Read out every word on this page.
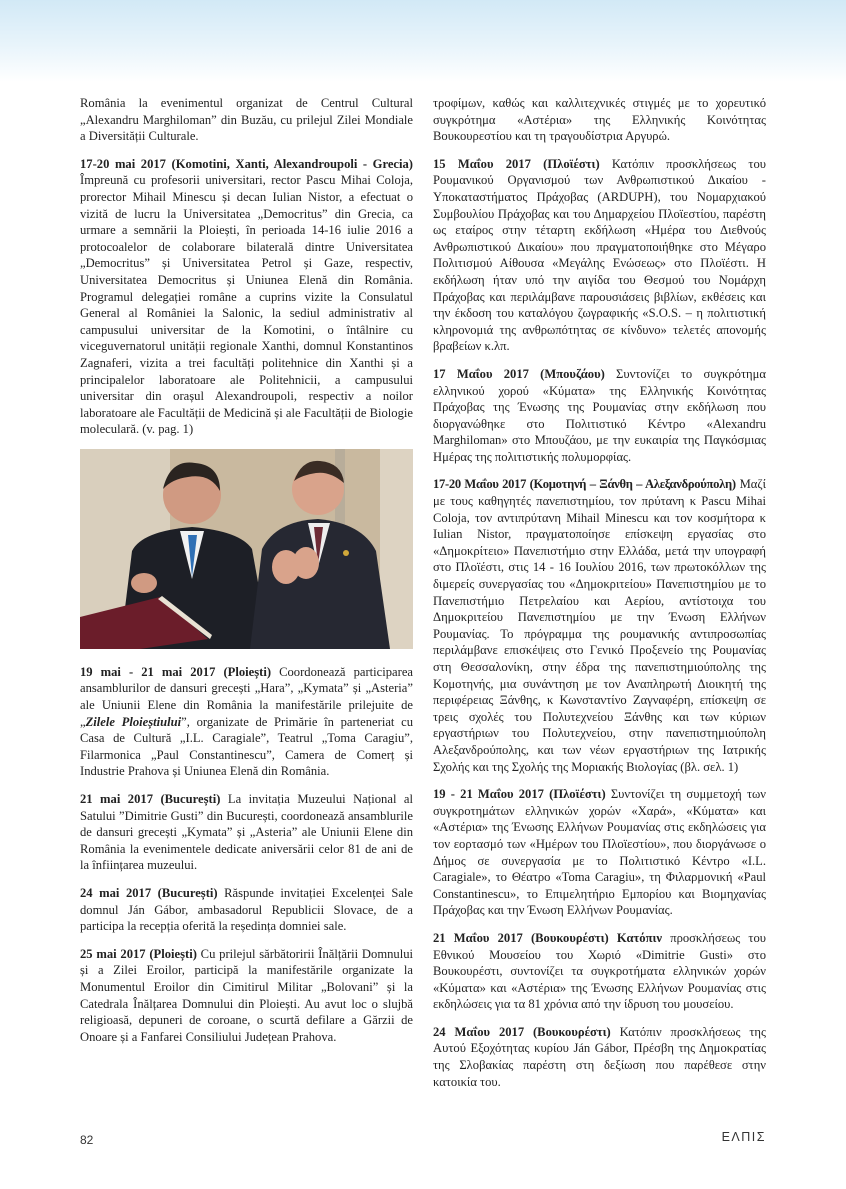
România la evenimentul organizat de Centrul Cultural „Alexandru Marghiloman” din Buzău, cu prilejul Zilei Mondiale a Diversității Culturale.

17-20 mai 2017 (Komotini, Xanti, Alexandroupoli - Grecia) Împreună cu profesorii universitari, rector Pascu Mihai Coloja, prorector Mihail Minescu și decan Iulian Nistor, a efectuat o vizită de lucru la Universitatea „Democritus” din Grecia, ca urmare a semnării la Ploiești, în perioada 14-16 iulie 2016 a protocoalelor de colaborare bilaterală dintre Universitatea „Democritus” și Universitatea Petrol și Gaze, respectiv, Universitatea Democritus și Uniunea Elenă din România. Programul delegației române a cuprins vizite la Consulatul General al României la Salonic, la sediul administrativ al campusului universitar de la Komotini, o întâlnire cu viceguvernatorul unității regionale Xanthi, domnul Konstantinos Zagnaferi, vizita a trei facultăți politehnice din Xanthi și a principalelor laboratoare ale Politehnicii, a campusului universitar din orașul Alexandroupoli, respectiv a noilor laboratoare ale Facultății de Medicină și ale Facultății de Biologie moleculară. (v. pag. 1)

19 mai - 21 mai 2017 (Ploiești) Coordonează participarea ansamblurilor de dansuri grecești „Hara”, „Kymata” și „Asteria” ale Uniunii Elene din România la manifestările prilejuite de „Zilele Ploieștiului”, organizate de Primărie în parteneriat cu Casa de Cultură „I.L. Caragiale”, Teatrul „Toma Caragiu”, Filarmonica „Paul Constantinescu”, Camera de Comerț și Industrie Prahova și Uniunea Elenă din România.

21 mai 2017 (București) La invitația Muzeului Național al Satului ”Dimitrie Gusti” din București, coordonează ansamblurile de dansuri grecești „Kymata” și „Asteria” ale Uniunii Elene din România la evenimentele dedicate aniversării celor 81 de ani de la înființarea muzeului.

24 mai 2017 (București) Răspunde invitației Excelenței Sale domnul Ján Gábor, ambasadorul Republicii Slovace, de a participa la recepția oferită la reședința domniei sale.

25 mai 2017 (Ploiești) Cu prilejul sărbătoririi Înălțării Domnului și a Zilei Eroilor, participă la manifestările organizate la Monumentul Eroilor din Cimitirul Militar „Bolovani” și la Catedrala Înălțarea Domnului din Ploiești. Au avut loc o slujbă religioasă, depuneri de coroane, o scurtă defilare a Gărzii de Onoare și a Fanfarei Consiliului Județean Prahova.

τροφίμων, καθώς και καλλιτεχνικές στιγμές με το χορευτικό συγκρότημα «Αστέρια» της Ελληνικής Κοινότητας Βουκουρεστίου και τη τραγουδίστρια Αργυρώ.

15 Μαΐου 2017 (Πλοϊέστι) Κατόπιν προσκλήσεως του Ρουμανικού Οργανισμού των Ανθρωπιστικού Δικαίου - Υποκαταστήματος Πράχοβας (ARDUPH), του Νομαρχιακού Συμβουλίου Πράχοβας και του Δημαρχείου Πλοϊεστίου, παρέστη ως εταίρος στην τέταρτη εκδήλωση «Ημέρα του Διεθνούς Ανθρωπιστικού Δικαίου» που πραγματοποιήθηκε στο Μέγαρο Πολιτισμού Αίθουσα «Μεγάλης Ενώσεως» στο Πλοϊέστι. Η εκδήλωση ήταν υπό την αιγίδα του Θεσμού του Νομάρχη Πράχοβας και περιλάμβανε παρουσιάσεις βιβλίων, εκθέσεις και την έκδοση του καταλόγου ζωγραφικής «S.O.S. – η πολιτιστική κληρονομιά της ανθρωπότητας σε κίνδυνο» τελετές απονομής βραβείων κ.λπ.

17 Μαΐου 2017 (Μπουζάου) Συντονίζει το συγκρότημα ελληνικού χορού «Κύματα» της Ελληνικής Κοινότητας Πράχοβας της Ένωσης της Ρουμανίας στην εκδήλωση που διοργανώθηκε στο Πολιτιστικό Κέντρο «Alexandru Marghiloman» στο Μπουζάου, με την ευκαιρία της Παγκόσμιας Ημέρας της πολιτιστικής πολυμορφίας.

17-20 Μαΐου 2017 (Κομοτηνή – Ξάνθη – Αλεξανδρούπολη) Μαζί με τους καθηγητές πανεπιστημίου, τον πρύτανη κ Pascu Mihai Coloja, τον αντιπρύτανη Mihail Minescu και τον κοσμήτορα κ Iulian Nistor, πραγματοποίησε επίσκεψη εργασίας στο «Δημοκρίτειο» Πανεπιστήμιο στην Ελλάδα, μετά την υπογραφή στο Πλοϊέστι, στις 14 - 16 Ιουλίου 2016, των πρωτοκόλλων της διμερείς συνεργασίας του «Δημοκριτείου» Πανεπιστημίου με το Πανεπιστήμιο Πετρελαίου και Αερίου, αντίστοιχα του Δημοκριτείου Πανεπιστημίου με την Ένωση Ελλήνων Ρουμανίας. Το πρόγραμμα της ρουμανικής αντιπροσωπίας περιλάμβανε επισκέψεις στο Γενικό Προξενείο της Ρουμανίας στη Θεσσαλονίκη, στην έδρα της πανεπιστημιούπολης της Κομοτηνής, μια συνάντηση με τον Αναπληρωτή Διοικητή της περιφέρειας Ξάνθης, κ Κωνσταντίνο Ζαγναφέρη, επίσκεψη σε τρεις σχολές του Πολυτεχνείου Ξάνθης και των κύριων εργαστήριων του Πολυτεχνείου, στην πανεπιστημιούπολη Αλεξανδρούπολης, και των νέων εργαστήριων της Ιατρικής Σχολής και της Σχολής της Μοριακής Βιολογίας (βλ. σελ. 1)

19 - 21 Μαΐου 2017 (Πλοϊέστι) Συντονίζει τη συμμετοχή των συγκροτημάτων ελληνικών χορών «Χαρά», «Κύματα» και «Αστέρια» της Ένωσης Ελλήνων Ρουμανίας στις εκδηλώσεις για τον εορτασμό των «Ημέρων του Πλοϊεστίου», που διοργάνωσε ο Δήμος σε συνεργασία με το Πολιτιστικό Κέντρο «I.L. Caragiale», το Θέατρο «Toma Caragiu», τη Φιλαρμονική «Paul Constantinescu», το Επιμελητήριο Εμπορίου και Βιομηχανίας Πράχοβας και την Ένωση Ελλήνων Ρουμανίας.

21 Μαΐου 2017 (Βουκουρέστι) Κατόπιν προσκλήσεως του Εθνικού Μουσείου του Χωριό «Dimitrie Gusti» στο Βουκουρέστι, συντονίζει τα συγκροτήματα ελληνικών χορών «Κύματα» και «Αστέρια» της Ένωσης Ελλήνων Ρουμανίας στις εκδηλώσεις για τα 81 χρόνια από την ίδρυση του μουσείου.

24 Μαΐου 2017 (Βουκουρέστι) Κατόπιν προσκλήσεως της Αυτού Εξοχότητας κυρίου Ján Gábor, Πρέσβη της Δημοκρατίας της Σλοβακίας παρέστη στη δεξίωση που παρέθεσε στην κατοικία του.

82	ΕΛΠΙΣ
